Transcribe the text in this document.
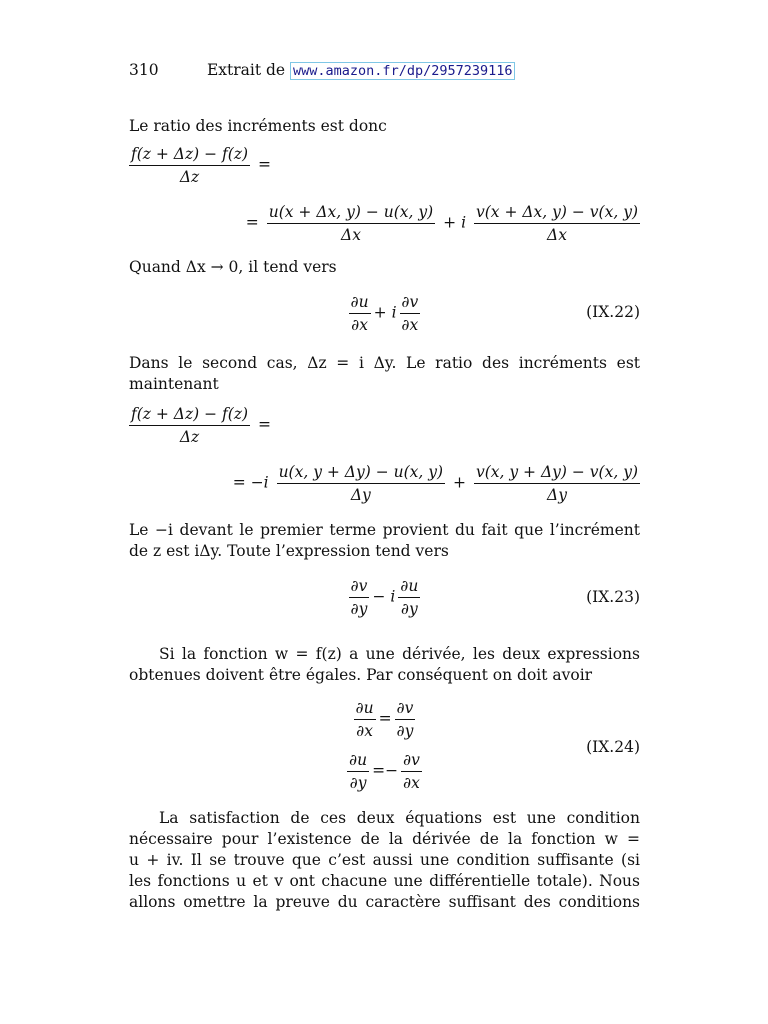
310	Extrait de www.amazon.fr/dp/2957239116
Le ratio des incréments est donc
$\frac{f(z + \Delta z) - f(z)}{\Delta z}$ =
= $\frac{u(x + \Delta x, y) - u(x, y)}{\Delta x} + i \frac{v(x + \Delta x, y) - v(x, y)}{\Delta x}$
Quand Δx → 0, il tend vers
$\frac{\partial u}{\partial x} + i \frac{\partial v}{\partial x}$	(IX.22)
Dans le second cas, Δz = i Δy. Le ratio des incréments est
maintenant
$\frac{f(z + \Delta z) - f(z)}{\Delta z}$ =
= $-i \frac{u(x, y + \Delta y) - u(x, y)}{\Delta y} + \frac{v(x, y + \Delta y) - v(x, y)}{\Delta y}$
Le −i devant le premier terme provient du fait que l’incrément
de z est iΔy. Toute l’expression tend vers
$\frac{\partial v}{\partial y} - i \frac{\partial u}{\partial y}$	(IX.23)
Si la fonction w = f(z) a une dérivée, les deux expressions
obtenues doivent être égales. Par conséquent on doit avoir
$\frac{\partial u}{\partial x} = \frac{\partial v}{\partial y}$
$\frac{\partial u}{\partial y} =- \frac{\partial v}{\partial x}$
(IX.24)
La satisfaction de ces deux équations est une condition
nécessaire pour l’existence de la dérivée de la fonction w =
u + iv. Il se trouve que c’est aussi une condition suffisante (si
les fonctions u et v ont chacune une différentielle totale). Nous
allons omettre la preuve du caractère suffisant des conditions
